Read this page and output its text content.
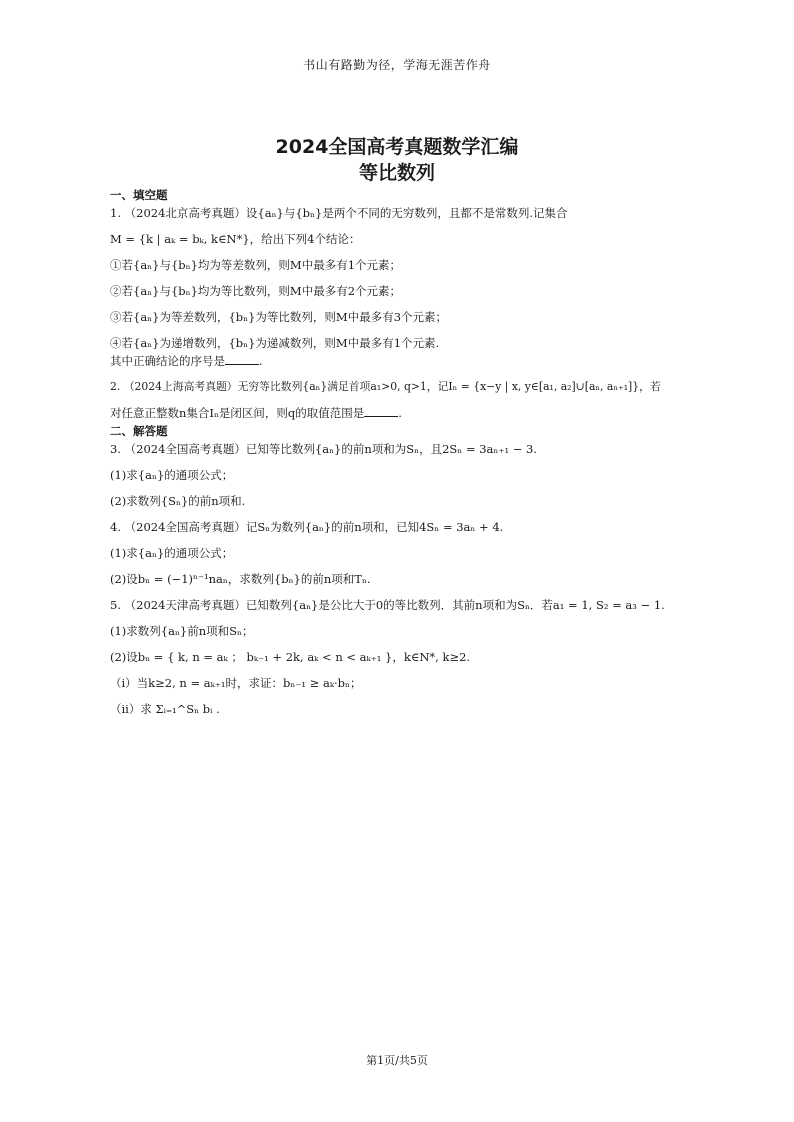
书山有路勤为径，学海无涯苦作舟
2024全国高考真题数学汇编
等比数列

一、填空题

1. （2024北京高考真题）设{aₙ}与{bₙ}是两个不同的无穷数列，且都不是常数列.记集合

M = {k | aₖ = bₖ, k∈N*}，给出下列4个结论：

①若{aₙ}与{bₙ}均为等差数列，则M中最多有1个元素；

②若{aₙ}与{bₙ}均为等比数列，则M中最多有2个元素；

③若{aₙ}为等差数列，{bₙ}为等比数列，则M中最多有3个元素；

④若{aₙ}为递增数列，{bₙ}为递减数列，则M中最多有1个元素.

其中正确结论的序号是	.

2. （2024上海高考真题）无穷等比数列{aₙ}满足首项a₁>0, q>1，记Iₙ = {x−y | x, y∈[a₁, a₂]∪[aₙ, aₙ₊₁]}，若

对任意正整数n集合Iₙ是闭区间，则q的取值范围是	.

二、解答题

3. （2024全国高考真题）已知等比数列{aₙ}的前n项和为Sₙ，且2Sₙ = 3aₙ₊₁ − 3.

(1)求{aₙ}的通项公式；

(2)求数列{Sₙ}的前n项和.

4. （2024全国高考真题）记Sₙ为数列{aₙ}的前n项和，已知4Sₙ = 3aₙ + 4.

(1)求{aₙ}的通项公式；

(2)设bₙ = (−1)ⁿ⁻¹naₙ，求数列{bₙ}的前n项和Tₙ.

5. （2024天津高考真题）已知数列{aₙ}是公比大于0的等比数列．其前n项和为Sₙ．若a₁ = 1, S₂ = a₃ − 1.

(1)求数列{aₙ}前n项和Sₙ；

(2)设bₙ = { k, n = aₖ ； bₖ₋₁ + 2k, aₖ < n < aₖ₊₁ }，k∈N*, k≥2.

（ⅰ）当k≥2, n = aₖ₊₁时，求证：bₙ₋₁ ≥ aₖ·bₙ；

（ⅱ）求 Σᵢ₌₁^Sₙ bᵢ .

第1页/共5页
